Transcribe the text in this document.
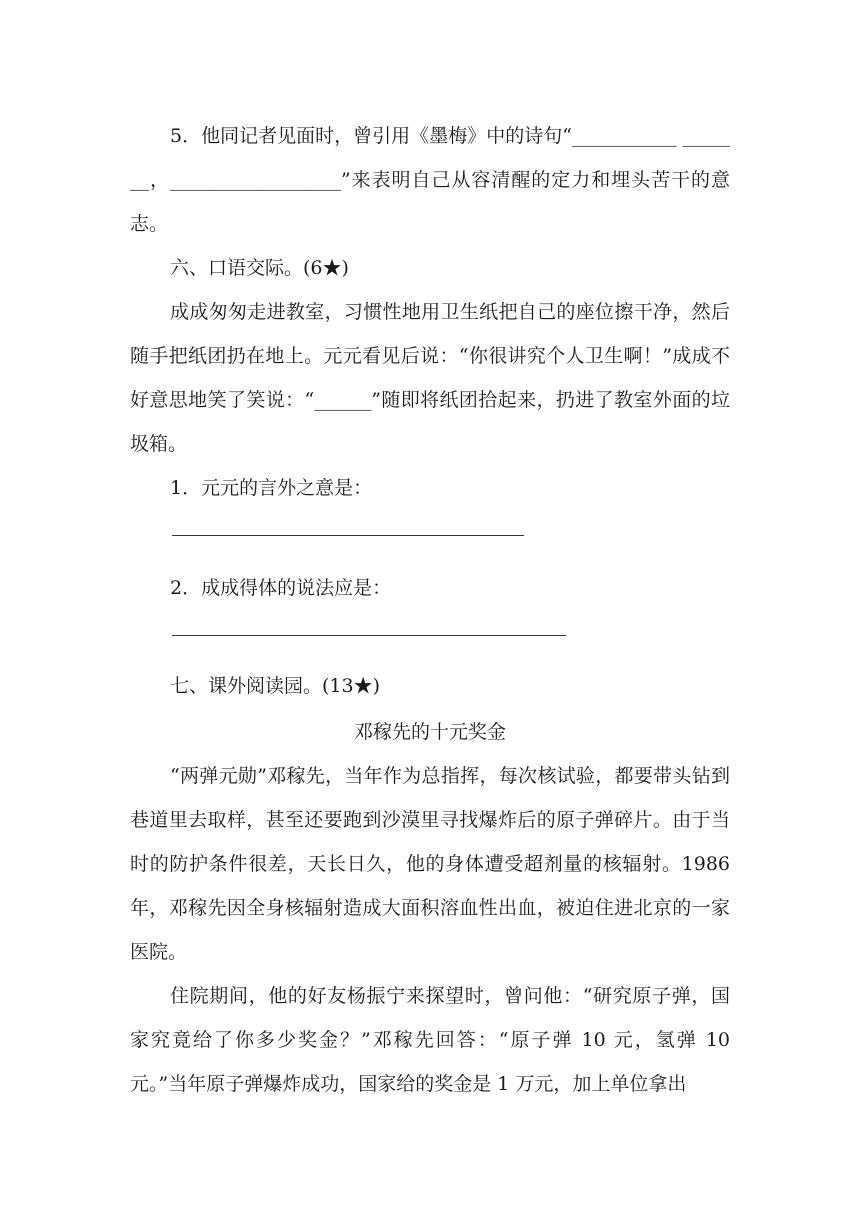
5．他同记者见面时，曾引用《墨梅》中的诗句“___________ _______，__________________”来表明自己从容清醒的定力和埋头苦干的意志。

六、口语交际。(6★)

成成匆匆走进教室，习惯性地用卫生纸把自己的座位擦干净，然后随手把纸团扔在地上。元元看见后说：“你很讲究个人卫生啊！”成成不好意思地笑了笑说：“______”随即将纸团拾起来，扔进了教室外面的垃圾箱。

1．元元的言外之意是：

2．成成得体的说法应是：

七、课外阅读园。(13★)

邓稼先的十元奖金

“两弹元勋”邓稼先，当年作为总指挥，每次核试验，都要带头钻到巷道里去取样，甚至还要跑到沙漠里寻找爆炸后的原子弹碎片。由于当时的防护条件很差，天长日久，他的身体遭受超剂量的核辐射。1986 年，邓稼先因全身核辐射造成大面积溶血性出血，被迫住进北京的一家医院。

住院期间，他的好友杨振宁来探望时，曾问他：“研究原子弹，国家究竟给了你多少奖金？”邓稼先回答：“原子弹 10 元，氢弹 10 元。”当年原子弹爆炸成功，国家给的奖金是 1 万元，加上单位拿出
